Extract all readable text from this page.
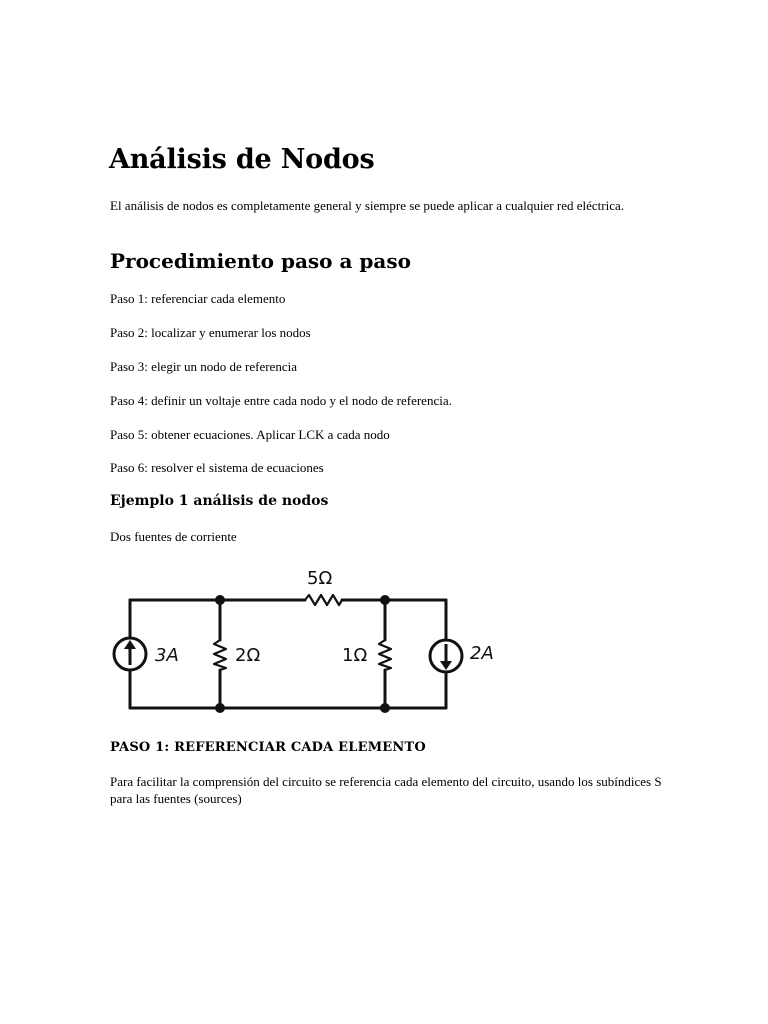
Análisis de Nodos

El análisis de nodos es completamente general y siempre se puede aplicar a cualquier red eléctrica.

Procedimiento paso a paso

Paso 1: referenciar cada elemento

Paso 2: localizar y enumerar los nodos

Paso 3: elegir un nodo de referencia

Paso 4: definir un voltaje entre cada nodo y el nodo de referencia.

Paso 5: obtener ecuaciones. Aplicar LCK a cada nodo

Paso 6: resolver el sistema de ecuaciones

Ejemplo 1 análisis de nodos

Dos fuentes de corriente

5Ω
3A	2Ω	1Ω	2A
PASO 1: REFERENCIAR CADA ELEMENTO

Para facilitar la comprensión del circuito se referencia cada elemento del circuito, usando los subíndices S para las fuentes (sources)
